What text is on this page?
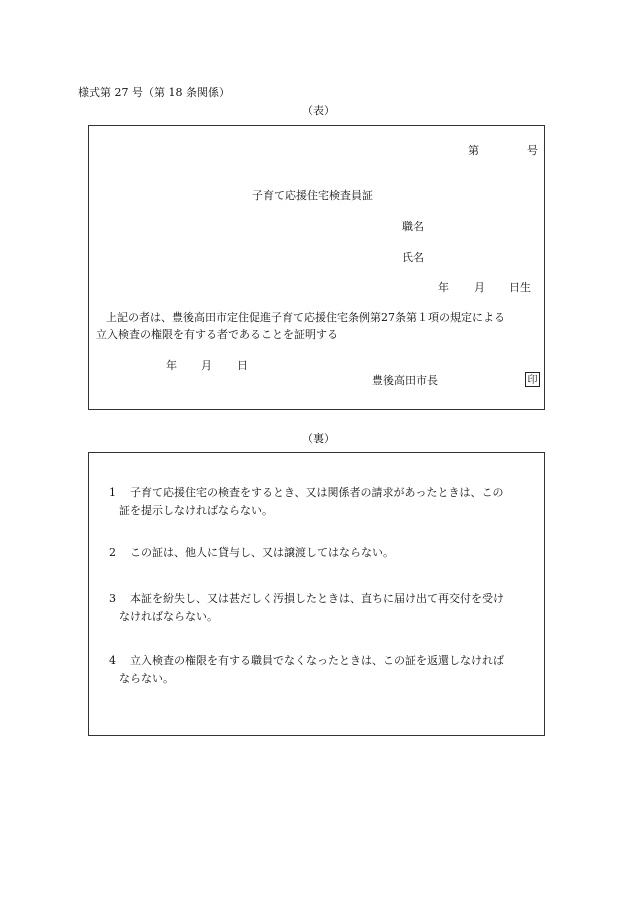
様式第 27 号（第 18 条関係）
（表）
第	号
子育て応援住宅検査員証
職名
氏名
年 月 日生
上記の者は、豊後高田市定住促進子育て応援住宅条例第27条第１項の規定による
立入検査の権限を有する者であることを証明する
年 月 日
豊後高田市長	印
（裏）
1 子育て応援住宅の検査をするとき、又は関係者の請求があったときは、この
証を提示しなければならない。
2 この証は、他人に貸与し、又は譲渡してはならない。
3 本証を紛失し、又は甚だしく汚損したときは、直ちに届け出て再交付を受け
なければならない。
4 立入検査の権限を有する職員でなくなったときは、この証を返還しなければ
ならない。
